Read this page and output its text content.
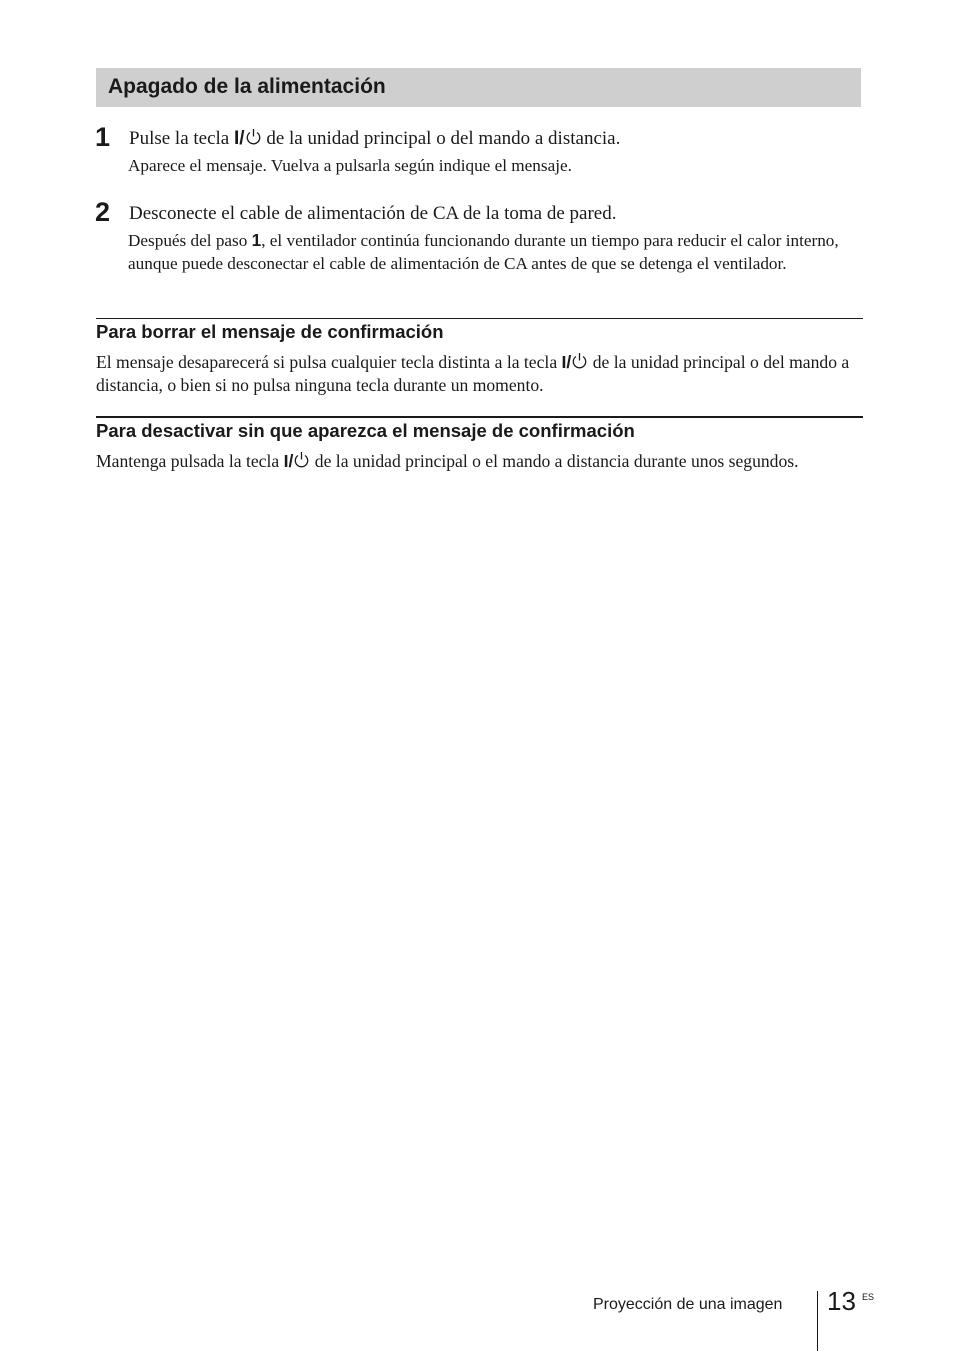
Apagado de la alimentación
1 Pulse la tecla I/ de la unidad principal o del mando a distancia.
Aparece el mensaje. Vuelva a pulsarla según indique el mensaje.
2 Desconecte el cable de alimentación de CA de la toma de pared.
Después del paso 1, el ventilador continúa funcionando durante un tiempo para reducir el calor interno, aunque puede desconectar el cable de alimentación de CA antes de que se detenga el ventilador.
Para borrar el mensaje de confirmación
El mensaje desaparecerá si pulsa cualquier tecla distinta a la tecla I/ de la unidad principal o del mando a distancia, o bien si no pulsa ninguna tecla durante un momento.
Para desactivar sin que aparezca el mensaje de confirmación
Mantenga pulsada la tecla I/ de la unidad principal o el mando a distancia durante unos segundos.
Proyección de una imagen 13 ES
